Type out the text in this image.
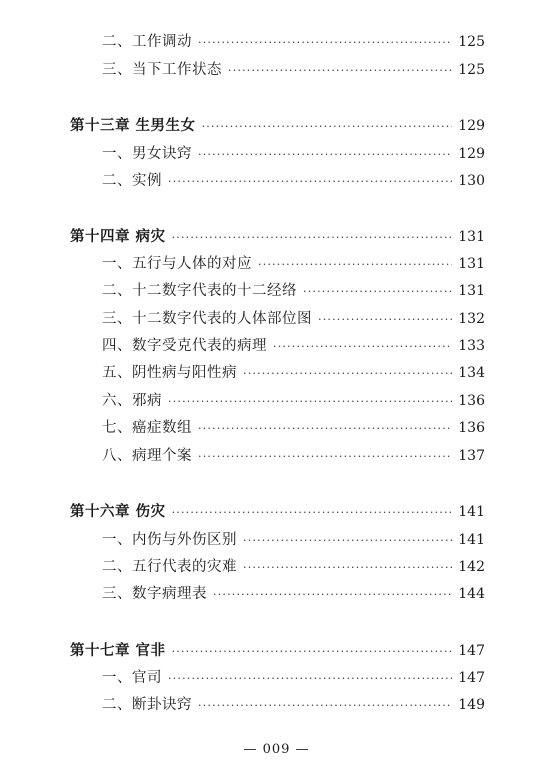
二、工作调动 ·····	125
三、当下工作状态 ·····	125
第十三章 生男生女 ·····	129
一、男女诀窍 ·····	129
二、实例 ·····	130
第十四章 病灾 ·····	131
一、五行与人体的对应 ·····	131
二、十二数字代表的十二经络 ·····	131
三、十二数字代表的人体部位图 ·····	132
四、数字受克代表的病理 ·····	133
五、阴性病与阳性病 ·····	134
六、邪病 ·····	136
七、癌症数组 ·····	136
八、病理个案 ·····	137
第十六章 伤灾 ·····	141
一、内伤与外伤区别 ·····	141
二、五行代表的灾难 ·····	142
三、数字病理表 ·····	144
第十七章 官非 ·····	147
一、官司 ·····	147
二、断卦诀窍 ·····	149
— 009 —
